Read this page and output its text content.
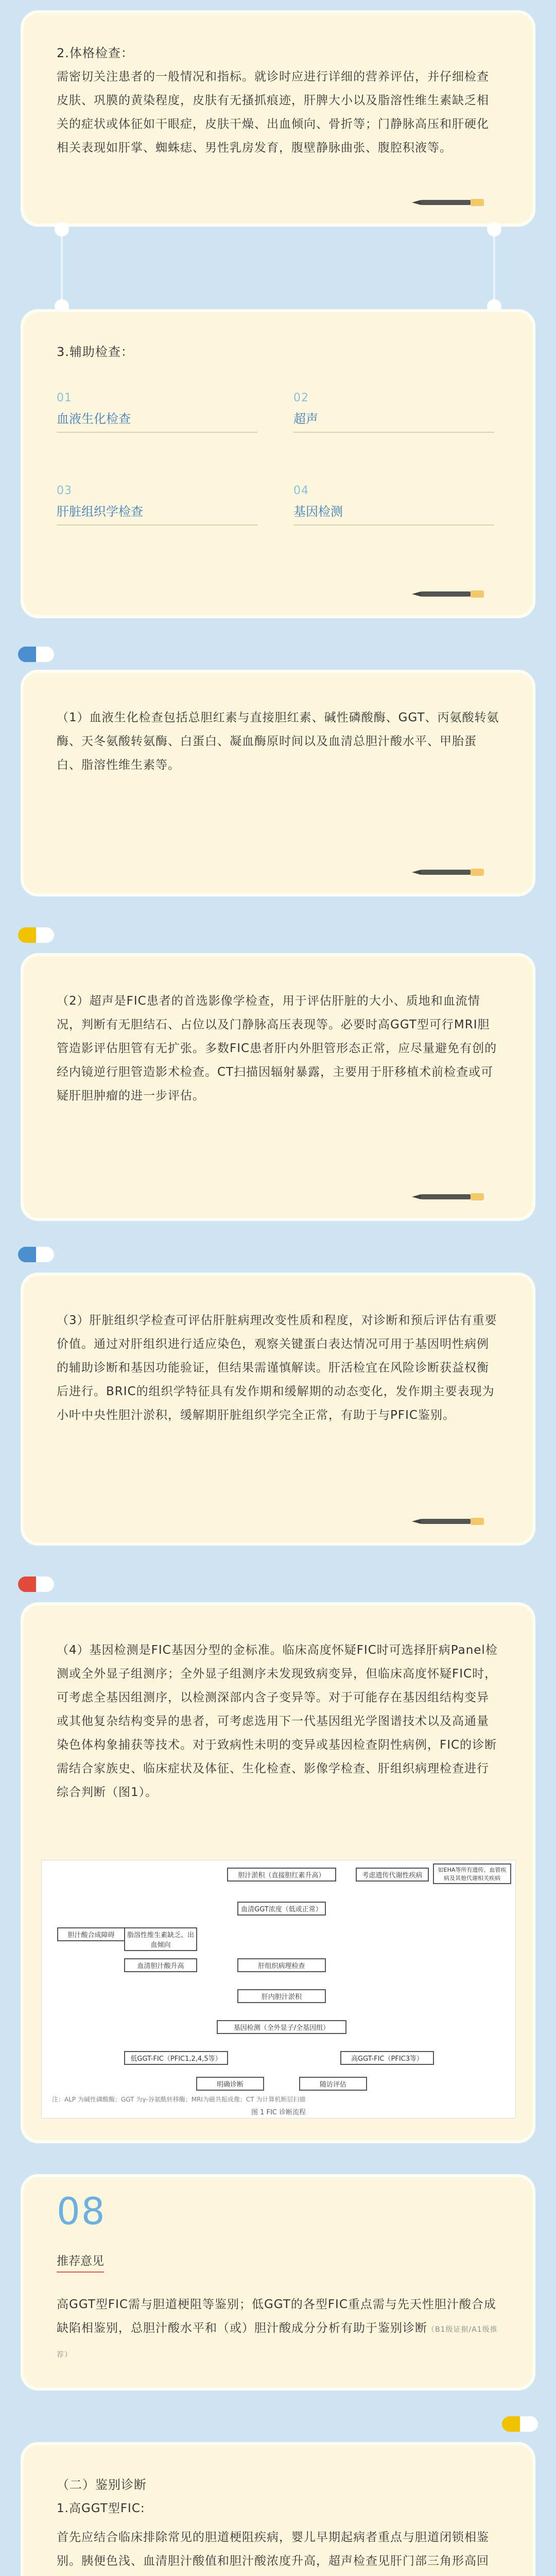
2.体格检查：

需密切关注患者的一般情况和指标。就诊时应进行详细的营养评估，并仔细检查皮肤、巩膜的黄染程度，皮肤有无搔抓痕迹，肝脾大小以及脂溶性维生素缺乏相关的症状或体征如干眼症，皮肤干燥、出血倾向、骨折等；门静脉高压和肝硬化相关表现如肝掌、蜘蛛痣、男性乳房发育，腹壁静脉曲张、腹腔积液等。

3.辅助检查：

01
血液生化检查
02
超声
03
肝脏组织学检查
04
基因检测

（1）血液生化检查包括总胆红素与直接胆红素、碱性磷酸酶、GGT、丙氨酸转氨酶、天冬氨酸转氨酶、白蛋白、凝血酶原时间以及血清总胆汁酸水平、甲胎蛋白、脂溶性维生素等。

（2）超声是FIC患者的首选影像学检查，用于评估肝脏的大小、质地和血流情况，判断有无胆结石、占位以及门静脉高压表现等。必要时高GGT型可行MRI胆管造影评估胆管有无扩张。多数FIC患者肝内外胆管形态正常，应尽量避免有创的经内镜逆行胆管造影术检查。CT扫描因辐射暴露，主要用于肝移植术前检查或可疑肝胆肿瘤的进一步评估。

（3）肝脏组织学检查可评估肝脏病理改变性质和程度，对诊断和预后评估有重要价值。通过对肝组织进行适应染色，观察关键蛋白表达情况可用于基因明性病例的辅助诊断和基因功能验证，但结果需谨慎解读。肝活检宜在风险诊断获益权衡后进行。BRIC的组织学特征具有发作期和缓解期的动态变化，发作期主要表现为小叶中央性胆汁淤积，缓解期肝脏组织学完全正常，有助于与PFIC鉴别。

（4）基因检测是FIC基因分型的金标准。临床高度怀疑FIC时可选择肝病Panel检测或全外显子组测序；全外显子组测序未发现致病变异，但临床高度怀疑FIC时，可考虑全基因组测序，以检测深部内含子变异等。对于可能存在基因组结构变异或其他复杂结构变异的患者，可考虑选用下一代基因组光学图谱技术以及高通量染色体构象捕获等技术。对于致病性未明的变异或基因检查阴性病例，FIC的诊断需结合家族史、临床症状及体征、生化检查、影像学检查、肝组织病理检查进行综合判断（图1）。

胆汁淤积（直接胆红素升高）	考虑遗传代谢性疾病
如EHA等所有遗传、血管疾病及其他代谢相关疾病
血清GGT浓度（低或正常）
胆汁酸合成障碍	脂溶性维生素缺乏、出血倾向
血清胆汁酸升高	肝组织病理检查
肝内胆汁淤积
基因检测（全外显子/全基因组）
低GGT-FIC（PFIC1,2,4,5等）	高GGT-FIC（PFIC3等）
明确诊断	随访评估
注：ALP 为碱性磷酸酶；GGT 为γ-谷氨酰转移酶；MRI为磁共振成像；CT 为计算机断层扫描
图 1 FIC 诊断流程
08
推荐意见

高GGT型FIC需与胆道梗阻等鉴别；低GGT的各型FIC重点需与先天性胆汁酸合成缺陷相鉴别，总胆汁酸水平和（或）胆汁酸成分分析有助于鉴别诊断（B1级证据/A1级推荐）

（二）鉴别诊断

1.高GGT型FIC:

首先应结合临床排除常见的胆道梗阻疾病，婴儿早期起病者重点与胆道闭锁相鉴别。胰便色浅、血清胆汁酸值和胆汁酸浓度升高，超声检查见肝门部三角形高回
